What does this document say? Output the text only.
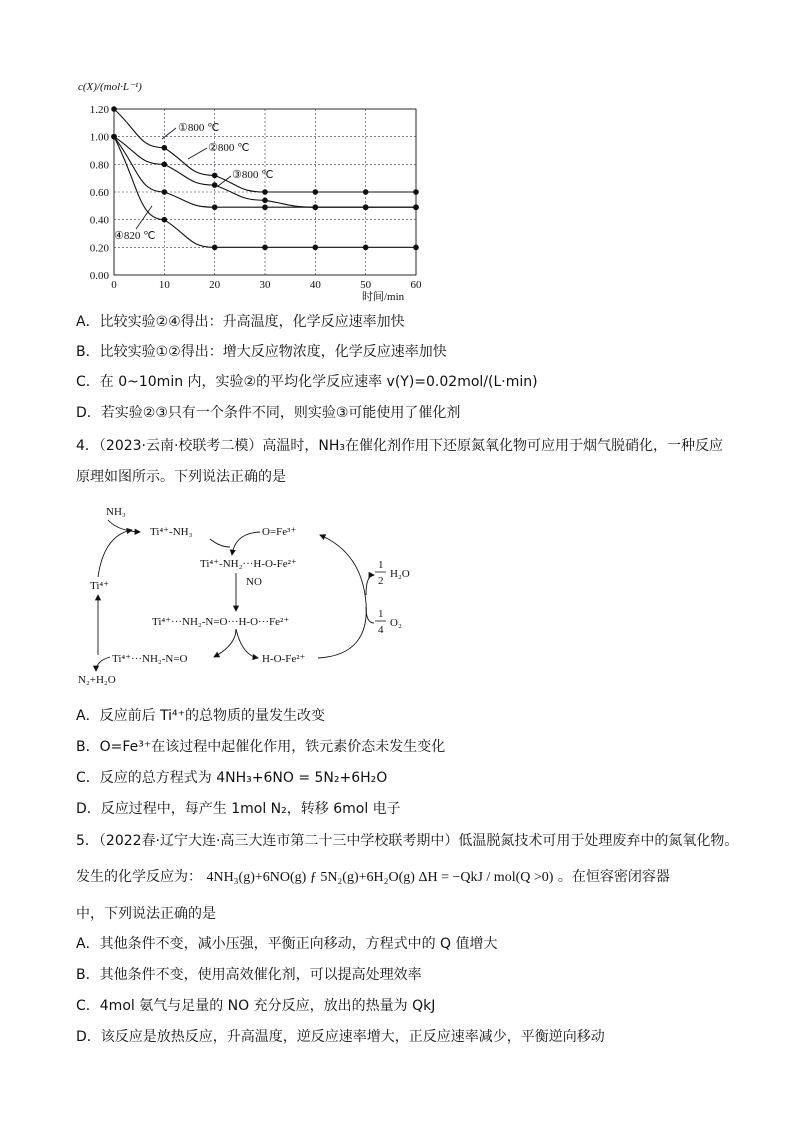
c(X)/(mol·L⁻¹)
0.00
0.20
0.40
0.60
0.80
1.00
1.20
0	10	20	30	40	50	60
时间/min
①800 ℃
②800 ℃
③800 ℃
④820 ℃
A．比较实验②④得出：升高温度，化学反应速率加快
B．比较实验①②得出：增大反应物浓度，化学反应速率加快
C．在 0~10min 内，实验②的平均化学反应速率 v(Y)=0.02mol/(L·min)
D．若实验②③只有一个条件不同，则实验③可能使用了催化剂
4．（2023·云南·校联考二模）高温时，NH₃在催化剂作用下还原氮氧化物可应用于烟气脱硝化，一种反应
原理如图所示。下列说法正确的是
NH₃
Ti⁴⁺-NH₃	O=Fe³⁺
Ti⁴⁺-NH₂···H-O-Fe²⁺
NO
Ti⁴⁺···NH₂-N=O···H-O···Fe²⁺
Ti⁴⁺
Ti⁴⁺···NH₂-N=O	H-O-Fe²⁺
N₂+H₂O
1
2
H₂O
1
4
O₂
A．反应前后 Ti⁴⁺的总物质的量发生改变
B．O=Fe³⁺在该过程中起催化作用，铁元素价态未发生变化
C．反应的总方程式为 4NH₃+6NO = 5N₂+6H₂O
D．反应过程中，每产生 1mol N₂，转移 6mol 电子
5．（2022春·辽宁大连·高三大连市第二十三中学校联考期中）低温脱氮技术可用于处理废弃中的氮氧化物。
发生的化学反应为： 4NH₃(g)+6NO(g) ƒ 5N₂(g)+6H₂O(g) ΔH = −QkJ / mol(Q >0) 。在恒容密闭容器
中，下列说法正确的是
A．其他条件不变，减小压强，平衡正向移动，方程式中的 Q 值增大
B．其他条件不变，使用高效催化剂，可以提高处理效率
C．4mol 氨气与足量的 NO 充分反应，放出的热量为 QkJ
D．该反应是放热反应，升高温度，逆反应速率增大，正反应速率减少，平衡逆向移动
